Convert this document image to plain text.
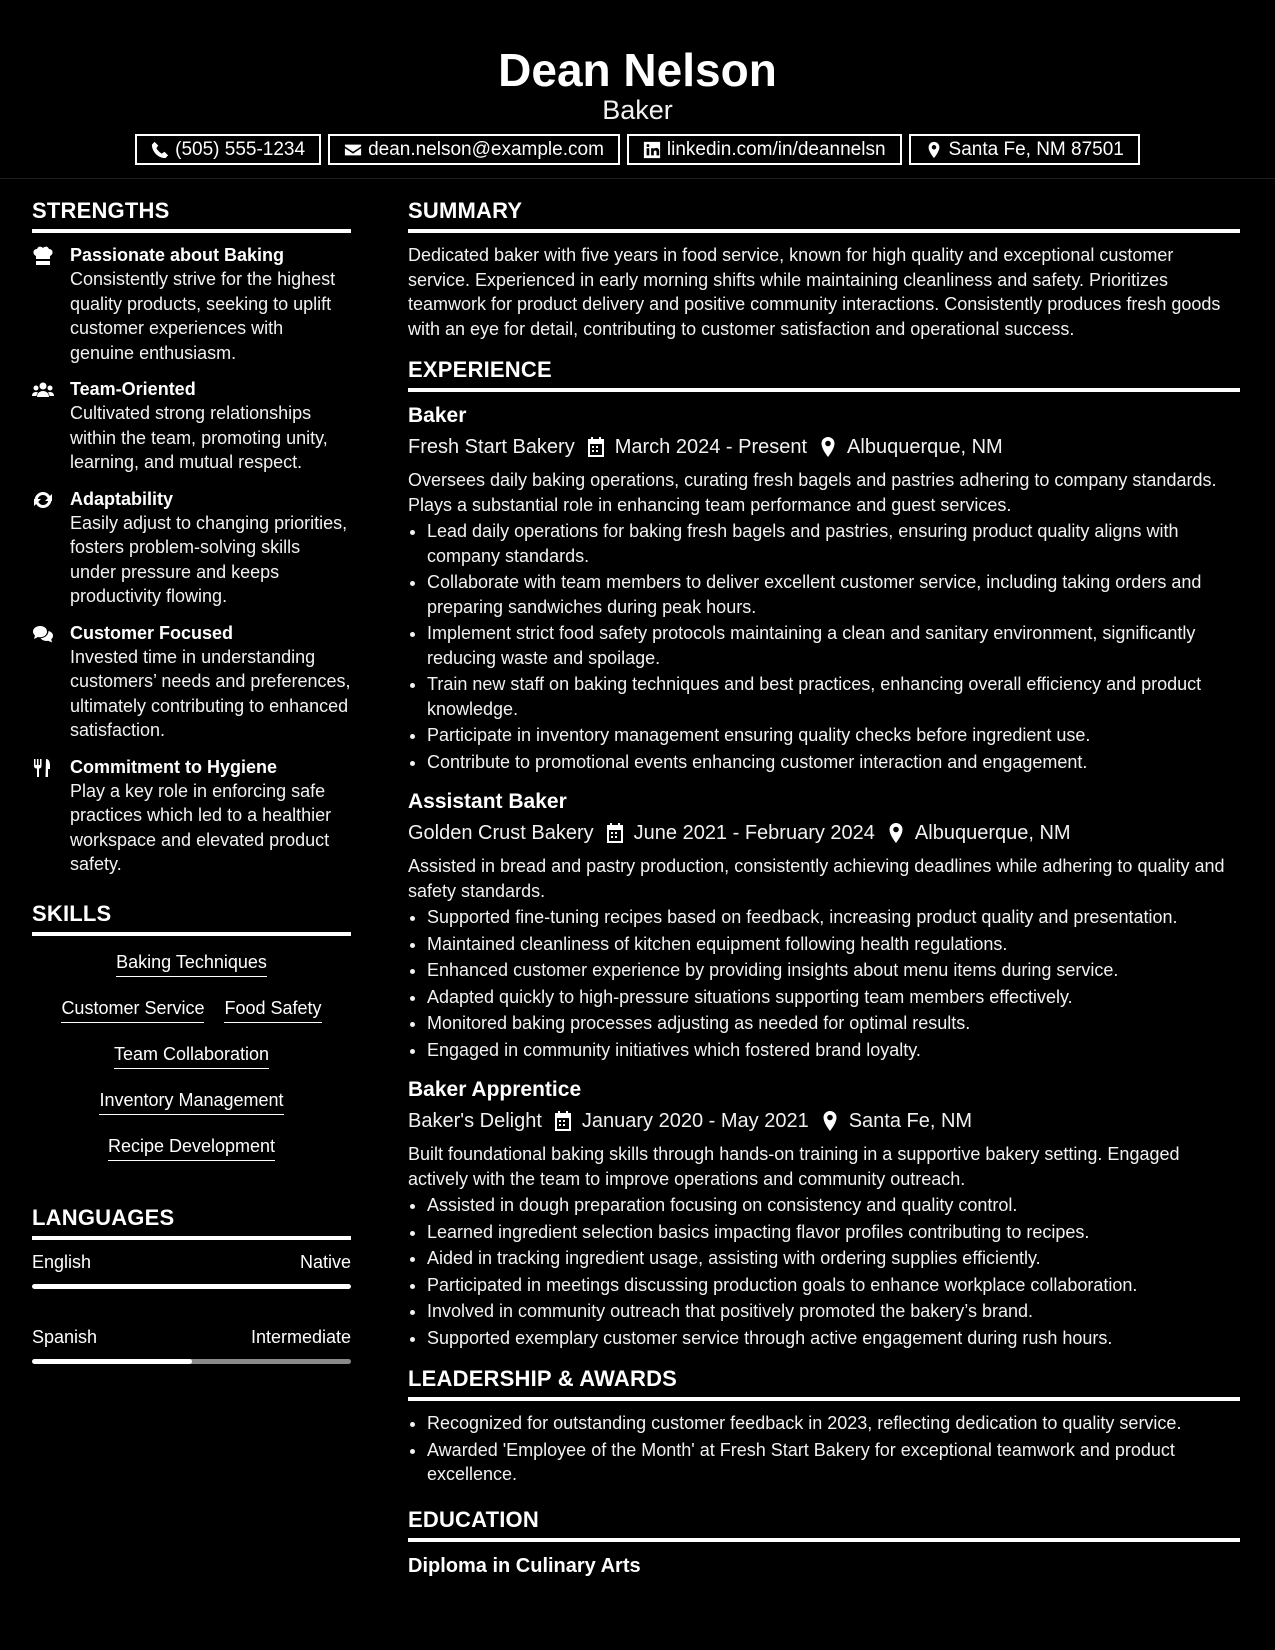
Dean Nelson
Baker
(505) 555-1234	dean.nelson@example.com	linkedin.com/in/deannelsn	Santa Fe, NM 87501
STRENGTHS
Passionate about Baking
Consistently strive for the highest quality products, seeking to uplift customer experiences with genuine enthusiasm.
Team-Oriented
Cultivated strong relationships within the team, promoting unity, learning, and mutual respect.
Adaptability
Easily adjust to changing priorities, fosters problem-solving skills under pressure and keeps productivity flowing.
Customer Focused
Invested time in understanding customers’ needs and preferences, ultimately contributing to enhanced satisfaction.
Commitment to Hygiene
Play a key role in enforcing safe practices which led to a healthier workspace and elevated product safety.
SKILLS
Baking Techniques
Customer Service Food Safety
Team Collaboration
Inventory Management
Recipe Development
LANGUAGES
English	Native
Spanish	Intermediate
SUMMARY
Dedicated baker with five years in food service, known for high quality and exceptional customer service. Experienced in early morning shifts while maintaining cleanliness and safety. Prioritizes teamwork for product delivery and positive community interactions. Consistently produces fresh goods with an eye for detail, contributing to customer satisfaction and operational success.
EXPERIENCE
Baker
Fresh Start Bakery March 2024 - Present Albuquerque, NM
Oversees daily baking operations, curating fresh bagels and pastries adhering to company standards. Plays a substantial role in enhancing team performance and guest services.
• Lead daily operations for baking fresh bagels and pastries, ensuring product quality aligns with company standards.
• Collaborate with team members to deliver excellent customer service, including taking orders and preparing sandwiches during peak hours.
• Implement strict food safety protocols maintaining a clean and sanitary environment, significantly reducing waste and spoilage.
• Train new staff on baking techniques and best practices, enhancing overall efficiency and product knowledge.
• Participate in inventory management ensuring quality checks before ingredient use.
• Contribute to promotional events enhancing customer interaction and engagement.
Assistant Baker
Golden Crust Bakery June 2021 - February 2024 Albuquerque, NM
Assisted in bread and pastry production, consistently achieving deadlines while adhering to quality and safety standards.
• Supported fine-tuning recipes based on feedback, increasing product quality and presentation.
• Maintained cleanliness of kitchen equipment following health regulations.
• Enhanced customer experience by providing insights about menu items during service.
• Adapted quickly to high-pressure situations supporting team members effectively.
• Monitored baking processes adjusting as needed for optimal results.
• Engaged in community initiatives which fostered brand loyalty.
Baker Apprentice
Baker's Delight January 2020 - May 2021 Santa Fe, NM
Built foundational baking skills through hands-on training in a supportive bakery setting. Engaged actively with the team to improve operations and community outreach.
• Assisted in dough preparation focusing on consistency and quality control.
• Learned ingredient selection basics impacting flavor profiles contributing to recipes.
• Aided in tracking ingredient usage, assisting with ordering supplies efficiently.
• Participated in meetings discussing production goals to enhance workplace collaboration.
• Involved in community outreach that positively promoted the bakery’s brand.
• Supported exemplary customer service through active engagement during rush hours.
LEADERSHIP & AWARDS
• Recognized for outstanding customer feedback in 2023, reflecting dedication to quality service.
• Awarded 'Employee of the Month' at Fresh Start Bakery for exceptional teamwork and product excellence.
EDUCATION
Diploma in Culinary Arts
